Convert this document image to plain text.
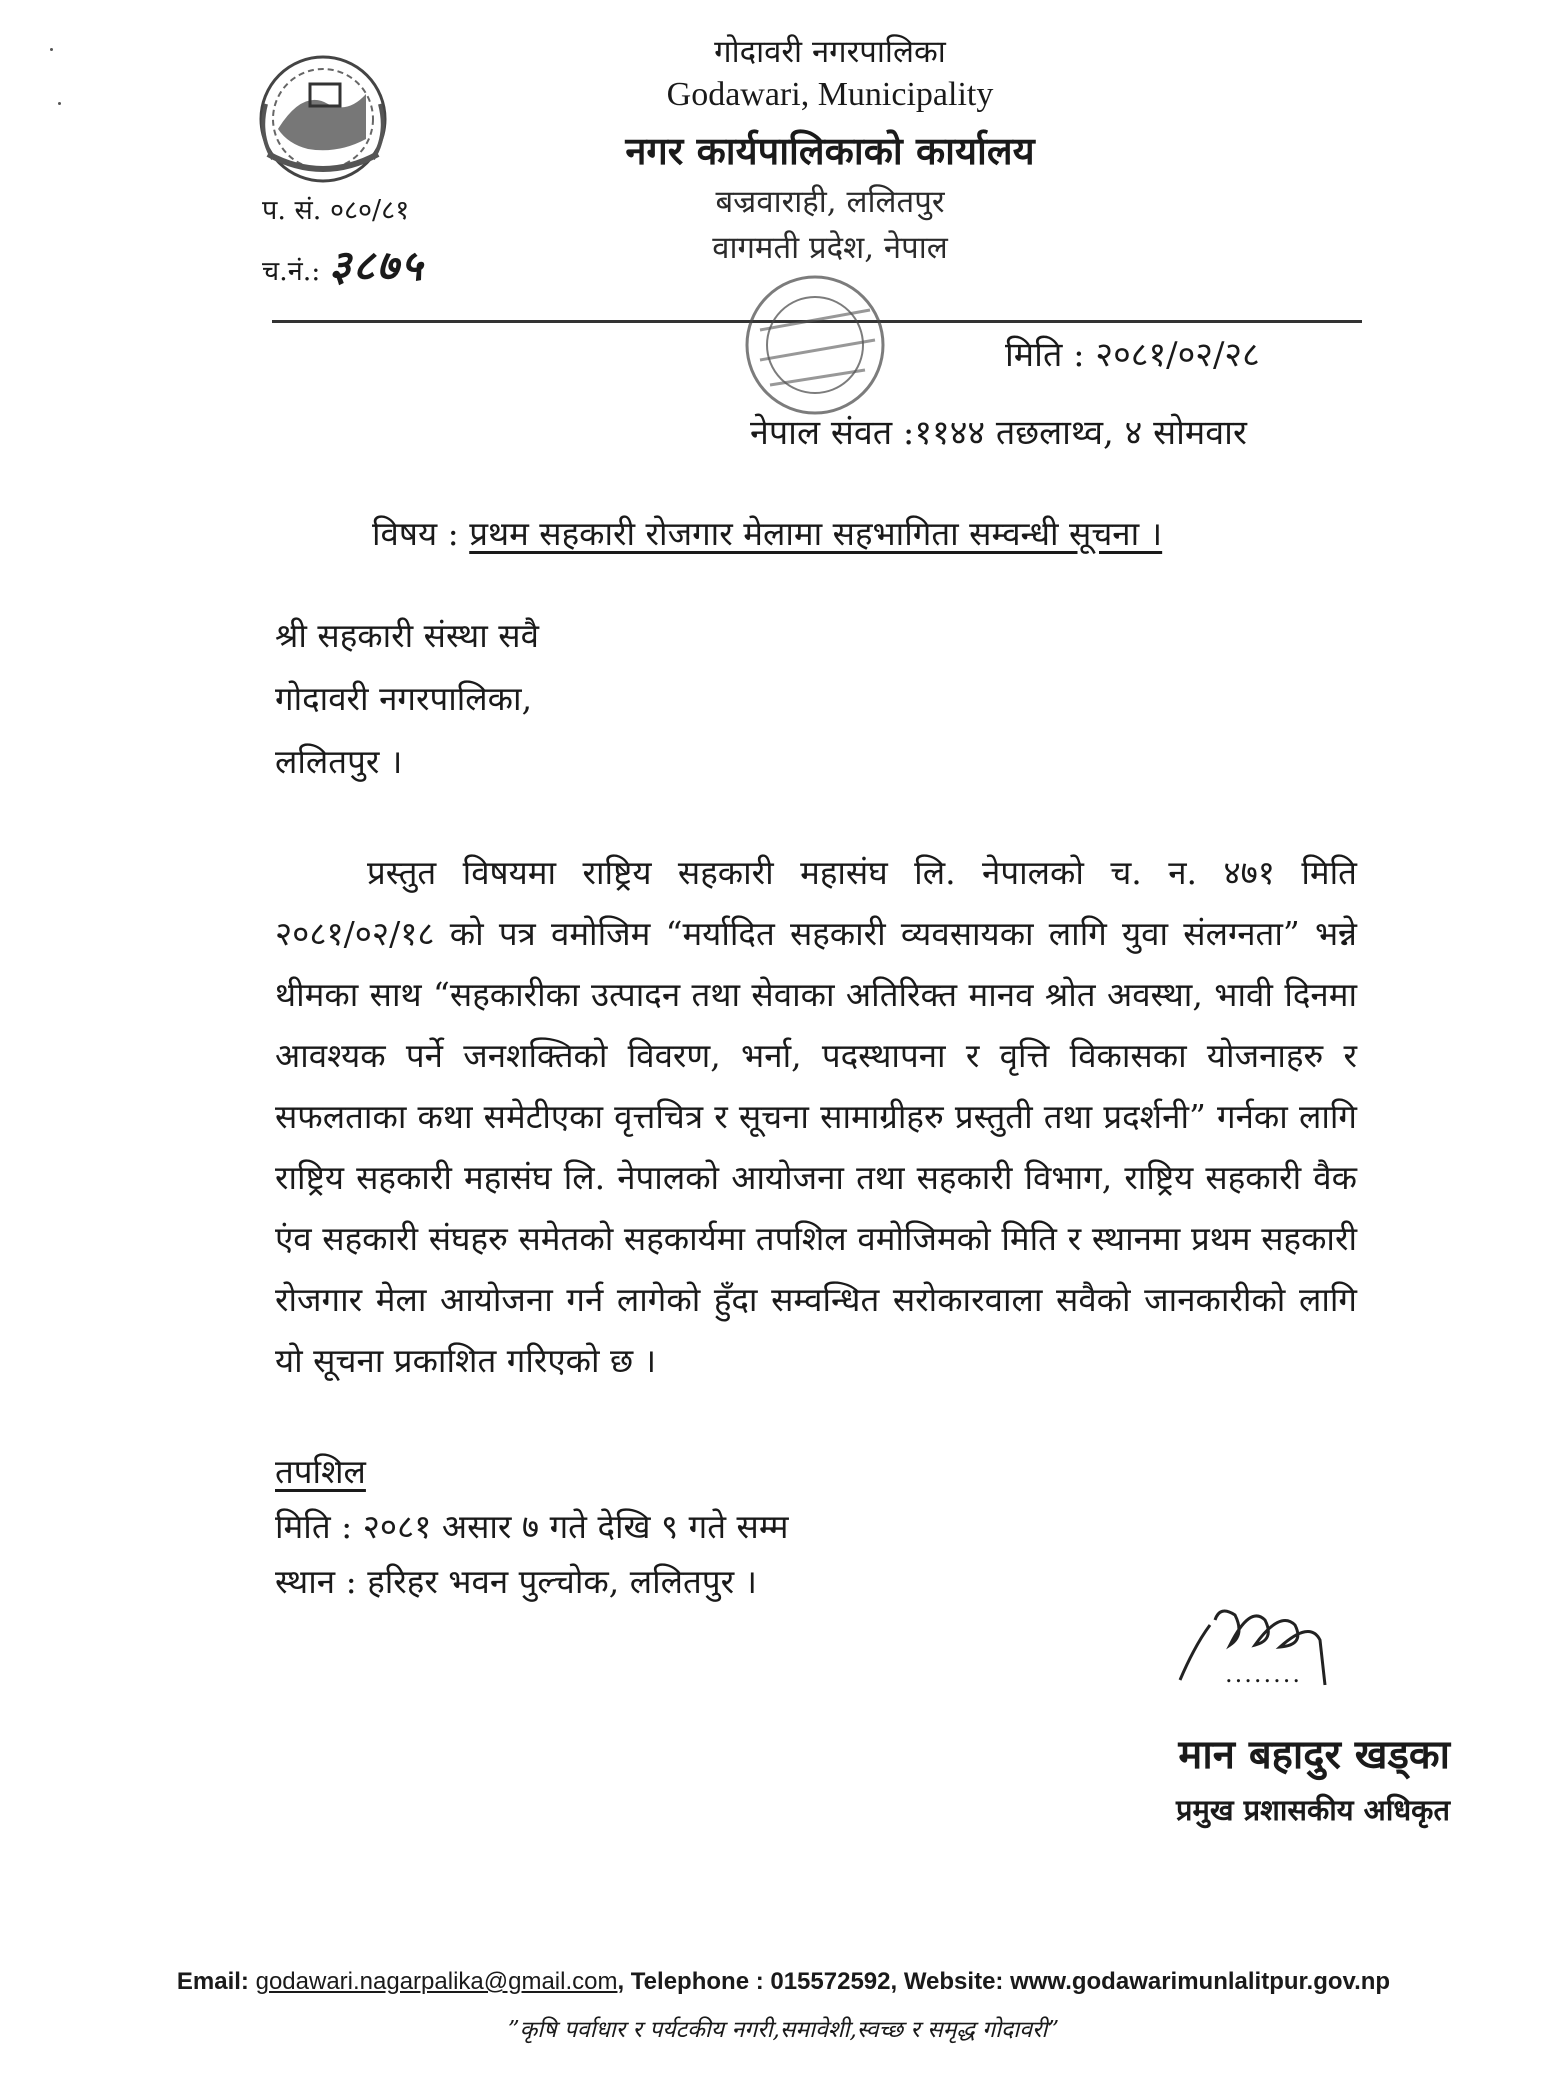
गोदावरी नगरपालिका
Godawari, Municipality
नगर कार्यपालिकाको कार्यालय
बज्रवाराही, ललितपुर
वागमती प्रदेश, नेपाल
प. सं. ०८०/८१
च.नं.: ३८७५
मिति : २०८१/०२/२८
नेपाल संवत :११४४ तछलाथ्व, ४ सोमवार
विषय : प्रथम सहकारी रोजगार मेलामा सहभागिता सम्वन्धी सूचना ।
श्री सहकारी संस्था सवै
गोदावरी नगरपालिका,
ललितपुर ।
प्रस्तुत विषयमा राष्ट्रिय सहकारी महासंघ लि. नेपालको च. न. ४७१ मिति २०८१/०२/१८ को पत्र वमोजिम “मर्यादित सहकारी व्यवसायका लागि युवा संलग्नता” भन्ने थीमका साथ “सहकारीका उत्पादन तथा सेवाका अतिरिक्त मानव श्रोत अवस्था, भावी दिनमा आवश्यक पर्ने जनशक्तिको विवरण, भर्ना, पदस्थापना र वृत्ति विकासका योजनाहरु र सफलताका कथा समेटीएका वृत्तचित्र र सूचना सामाग्रीहरु प्रस्तुती तथा प्रदर्शनी” गर्नका लागि राष्ट्रिय सहकारी महासंघ लि. नेपालको आयोजना तथा सहकारी विभाग, राष्ट्रिय सहकारी वैक एंव सहकारी संघहरु समेतको सहकार्यमा तपशिल वमोजिमको मिति र स्थानमा प्रथम सहकारी रोजगार मेला आयोजना गर्न लागेको हुँदा सम्वन्धित सरोकारवाला सवैको जानकारीको लागि यो सूचना प्रकाशित गरिएको छ ।
तपशिल
मिति : २०८१ असार ७ गते देखि ९ गते सम्म
स्थान : हरिहर भवन पुल्चोक, ललितपुर ।
........
मान बहादुर खड्का
प्रमुख प्रशासकीय अधिकृत
Email: godawari.nagarpalika@gmail.com, Telephone : 015572592, Website: www.godawarimunlalitpur.gov.np
”कृषि पर्वाधार र पर्यटकीय नगरी,समावेशी,स्वच्छ र समृद्ध गोदावरी”
